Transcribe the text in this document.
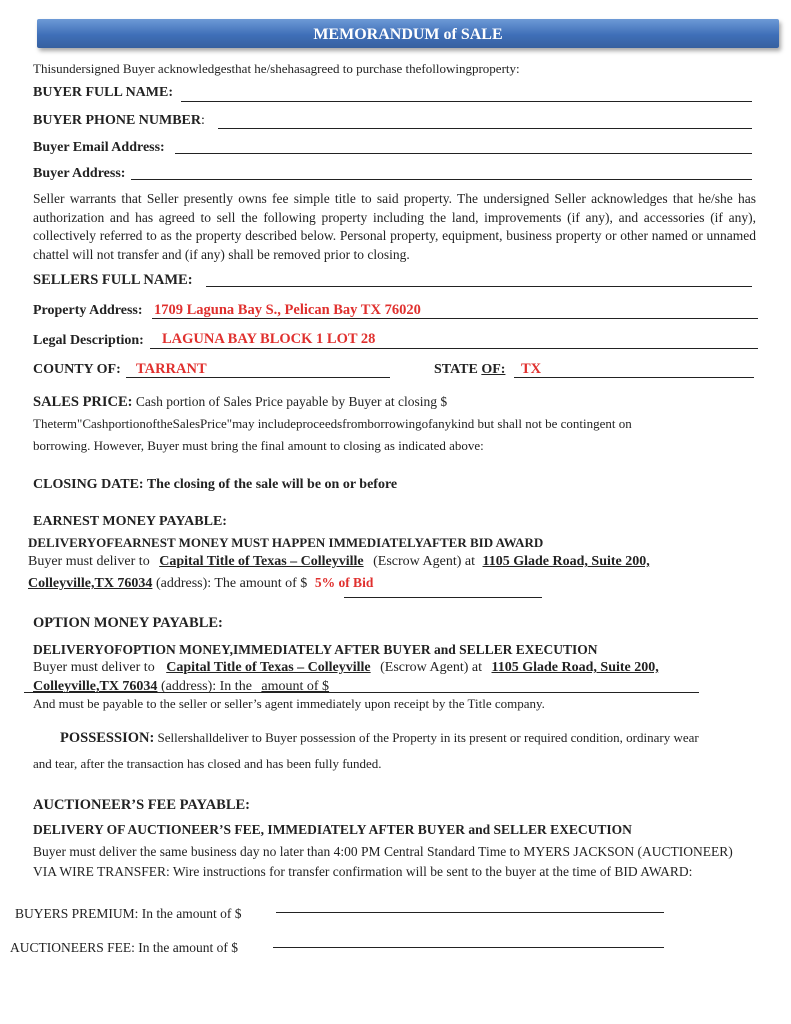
MEMORANDUM of SALE
Thisundersigned Buyer acknowledgesthat he/shehasagreed to purchase thefollowingproperty:
BUYER FULL NAME:
BUYER PHONE NUMBER:
Buyer Email Address:
Buyer Address:
Seller warrants that Seller presently owns fee simple title to said property. The undersigned Seller acknowledges that he/she has authorization and has agreed to sell the following property including the land, improvements (if any), and accessories (if any), collectively referred to as the property described below. Personal property, equipment, business property or other named or unnamed chattel will not transfer and (if any) shall be removed prior to closing.
SELLERS FULL NAME:
Property Address: 1709 Laguna Bay S., Pelican Bay TX 76020
Legal Description: LAGUNA BAY BLOCK 1 LOT 28
COUNTY OF: TARRANT	STATE OF: TX
SALES PRICE: Cash portion of Sales Price payable by Buyer at closing $
Theterm"CashportionoftheSalesPrice"may includeproceedsfromborrowingofanykind but shall not be contingent on
borrowing. However, Buyer must bring the final amount to closing as indicated above:
CLOSING DATE: The closing of the sale will be on or before
EARNEST MONEY PAYABLE:
DELIVERYOFEARNEST MONEY MUST HAPPEN IMMEDIATELYAFTER BID AWARD
Buyer must deliver to Capital Title of Texas – Colleyville (Escrow Agent) at 1105 Glade Road, Suite 200,
Colleyville,TX 76034 (address): The amount of $ 5% of Bid
OPTION MONEY PAYABLE:
DELIVERYOFOPTION MONEY,IMMEDIATELY AFTER BUYER and SELLER EXECUTION
Buyer must deliver to Capital Title of Texas – Colleyville (Escrow Agent) at 1105 Glade Road, Suite 200,
Colleyville,TX 76034 (address): In the amount of $
And must be payable to the seller or seller’s agent immediately upon receipt by the Title company.
POSSESSION: Sellershalldeliver to Buyer possession of the Property in its present or required condition, ordinary wear
and tear, after the transaction has closed and has been fully funded.
AUCTIONEER’S FEE PAYABLE:
DELIVERY OF AUCTIONEER’S FEE, IMMEDIATELY AFTER BUYER and SELLER EXECUTION
Buyer must deliver the same business day no later than 4:00 PM Central Standard Time to MYERS JACKSON (AUCTIONEER) VIA WIRE TRANSFER: Wire instructions for transfer confirmation will be sent to the buyer at the time of BID AWARD:
BUYERS PREMIUM: In the amount of $
AUCTIONEERS FEE: In the amount of $
